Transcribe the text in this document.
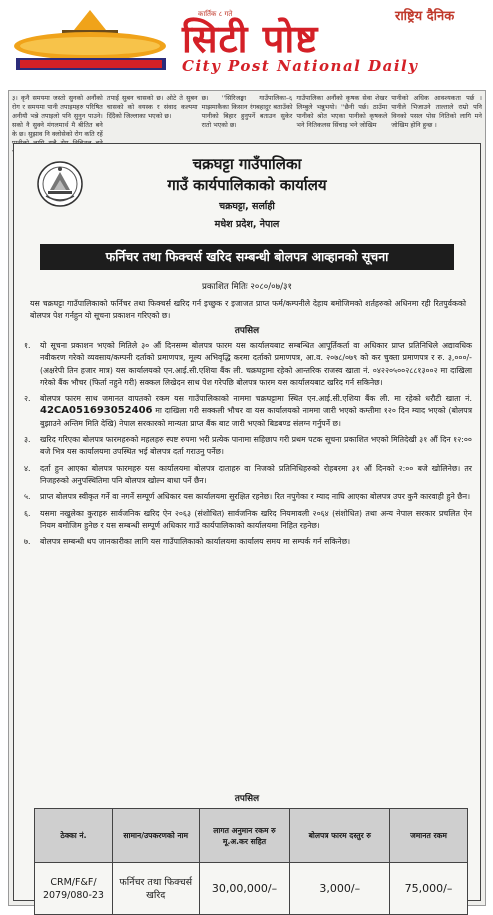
कार्तिक ८ गते	राष्ट्रिय दैनिक
सिटी पोष्ट
City Post National Daily
३। कृनै समयमा जस्तो सुनको अनौंको रोग र समयमा पानी तपाइमहरु परिषित अनीयौ भन्ने तपाइलो पनि सुनुन पाउने। सको नै सुक्ने मंगलमार्थ मै बीतित बने के छ। सुझाव नि क्लोसेको रोग कति रहें
तपाईं सुबन चासको छ। ओटे ते सुबन चासको को वयस्क र संवाद कल्पमा दिँदैको जिल्लाका भएको छ।
छ। ''सिरिजङ्घा गाउँपालिका–६ माझमाकैका किसान रंगबहादुर बताउँको पानीको बिहार हुनुपर्ने बताउन सुकेर रातो भएको छ।
गाउँपालिका अनौंको कृषक सेवा शेखर लिम्बुले भन्नुभयो। ''छैनी पर्छ। ठाउँमा पानीको श्रोत भएका पानीको कृषकले भने नितिकलस सिंचाइ भने जोखिम
पानीको अधिक आवश्यकता पर्छ । पानीले भिजाउने ताल्ताले राम्रो पनि विनको पसल पोस नितिको लागि मने जोखिम होनि हुन्छ ।
चक्रघट्टा गाउँपालिका
गाउँ कार्यपालिकाको कार्यालय
चक्रघट्टा, सर्लाही
मधेश प्रदेश, नेपाल
फर्निचर तथा फिक्चर्स खरिद सम्बन्धी बोलपत्र आव्हानको सूचना
प्रकाशित मितिः २०८०/०७/३१
यस चक्रघट्टा गाउँपालिकाको फर्निचर तथा फिक्चर्स खरिद गर्न इच्छुक र इजाजत प्राप्त फर्म/कम्पनीले देहाय बमोजिमको शर्तहरुको अधिनमा रही रितपुर्वकको बोलपत्र पेश गर्नहुन यो सूचना प्रकाशन गरिएको छ।
तपसिल
१.	यो सूचना प्रकाशन भएको मितिले ३० औं दिनसम्म बोलपत्र फारम यस कार्यालयबाट सम्बन्धित आपूर्तिकर्ता वा अधिकार प्राप्त प्रतिनिधिले अद्यावधिक नवीकरण गरेको व्यवसाय/कम्पनी दर्ताको प्रमाणपत्र, मूल्य अभिवृद्धि करमा दर्ताको प्रमाणपत्र, आ.व. २०७८/०७९ को कर चुक्ता प्रमाणपत्र र रु. ३,०००/- (अक्षरेपी तिन हजार मात्र) यस कार्यालयको एन.आई.सी.एशिया बैंक ली. चक्रघट्टामा रहेको आन्तरिक राजस्व खाता नं. ०४२२०५००२८८१३००२ मा दाखिला गरेको बैंक भौचर (फिर्ता नहुने गरी) सक्कल लिखेदन साथ पेश गरेपछि बोलपत्र फारम यस कार्यालयबाट खरिद गर्न सकिनेछ।
२.	बोलपत्र फारम साथ जमानत वापतको रकम यस गाउँपालिकाको नाममा चक्रघट्टामा स्थित एन.आई.सी.एशिया बैंक ली. मा रहेको धरौटी खाता नं. 42CA051693052406 मा दाखिला गरी सक्कली भौचर वा यस कार्यालयको नाममा जारी भएको कम्तीमा १२० दिन म्याद भएको (बोलपत्र बुझाउने अन्तिम मिति देखि) नेपाल सरकारको मान्यता प्राप्त बैंक बाट जारी भएको बिडबण्ड संलग्न गर्नुपर्ने छ।
३.	खरिद गरिएका बोलपत्र फारमहरुको महलहरु स्पष्ट रुपमा भरी प्रत्येक पानामा सहिछाप गरी प्रथम पटक सूचना प्रकाशित भएको मितिदेखी ३१ औं दिन १२:०० बजे भित्र यस कार्यालयमा उपस्थित भई बोलपत्र दर्ता गराउनु पर्नेछ।
४.	दर्ता हुन आएका बोलपत्र फारमहरु यस कार्यालयमा बोलपत्र दाताहरु वा निजको प्रतिनिधिहरुको रोहबरमा ३१ औं दिनको २:०० बजे खोलिनेछ। तर निजहरुको अनुपस्थितिमा पनि बोलपत्र खोल्न बाधा पर्ने छैन।
५.	प्राप्त बोलपत्र स्वीकृत गर्ने वा नगर्ने सम्पूर्ण अधिकार यस कार्यालयमा सुरक्षित रहनेछ। रित नपुगेका र म्याद नाघि आएका बोलपत्र उपर कुनै कारवाही हुने छैन।
६.	यसमा नखुलेका कुराहरु सार्वजनिक खरिद ऐन २०६३ (संशोधित) सार्वजनिक खरिद नियमावली २०६४ (संशोधित) तथा अन्य नेपाल सरकार प्रचलित ऐन नियम बमोजिम हुनेछ र यस सम्बन्धी सम्पूर्ण अधिकार गाउँ कार्यपालिकाको कार्यालयमा निहित रहनेछ।
७.	बोलपत्र सम्बन्धी थप जानकारीका लागि यस गाउँपालिकाको कार्यालयमा कार्यालय समय मा सम्पर्क गर्न सकिनेछ।
तपसिल
ठेक्का नं.	सामान/उपकरणको नाम	लागत अनुमान रकम रु मू.अ.कर सहित	बोलपत्र फारम दस्तुर रु	जमानत रकम
CRM/F&F/ 2079/080-23	फर्निचर तथा फिक्चर्स खरिद	30,00,000/–	3,000/–	75,000/–
